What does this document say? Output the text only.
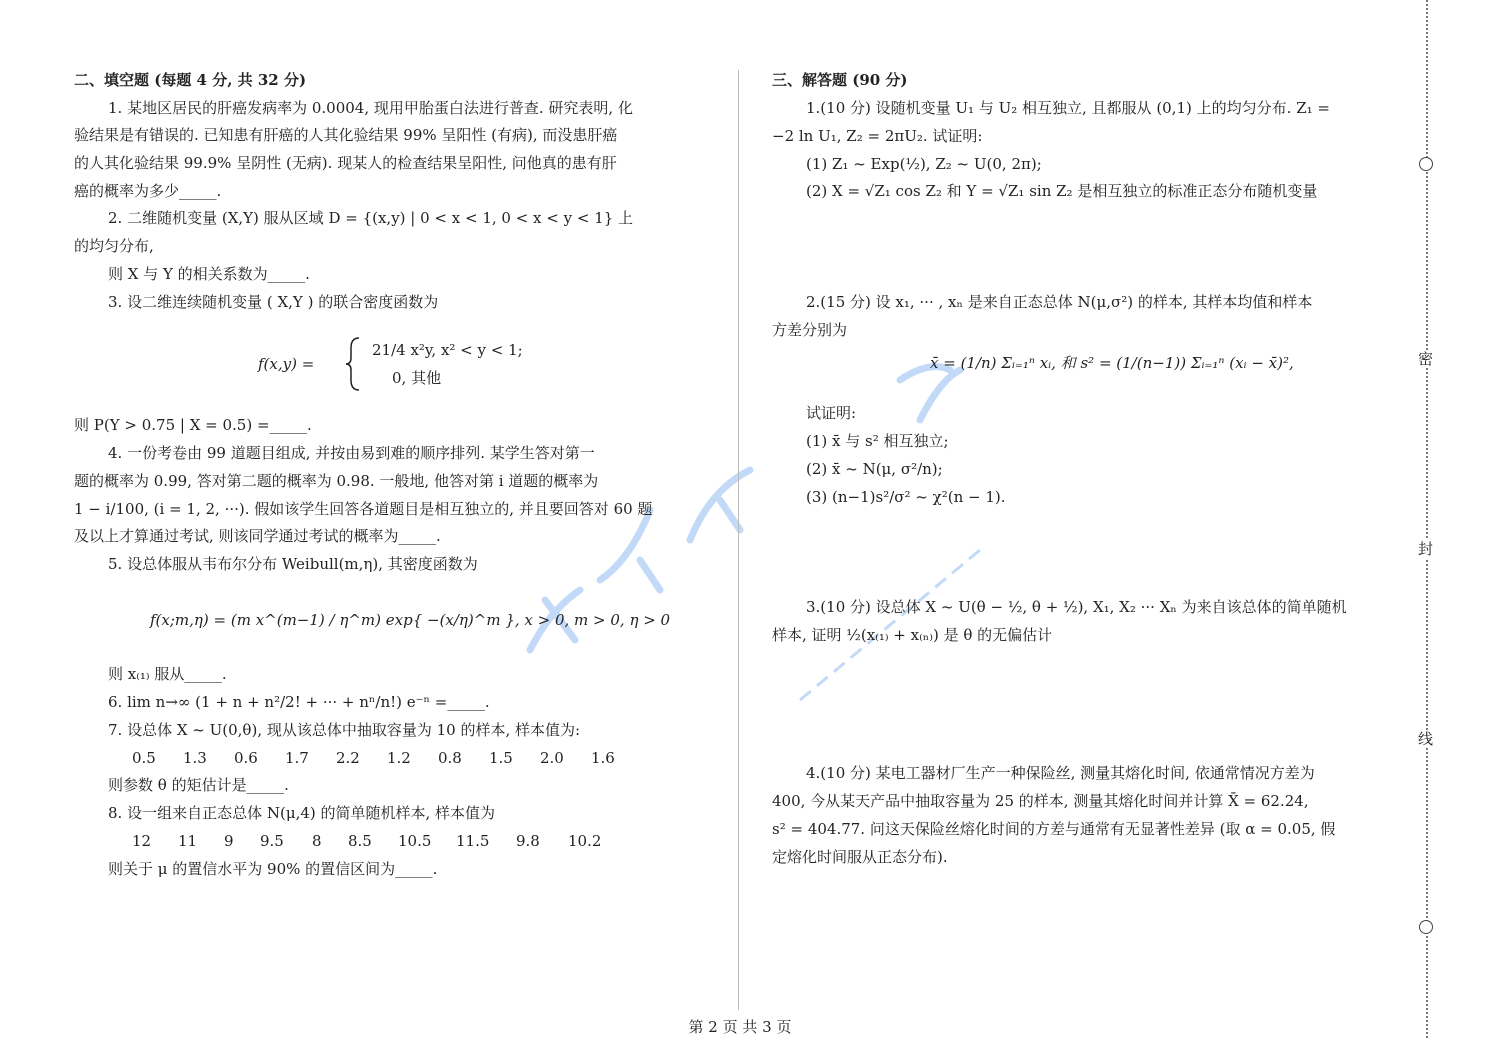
二、填空题 (每题 4 分, 共 32 分)
1. 某地区居民的肝癌发病率为 0.0004, 现用甲胎蛋白法进行普查. 研究表明, 化
验结果是有错误的. 已知患有肝癌的人其化验结果 99% 呈阳性 (有病), 而没患肝癌
的人其化验结果 99.9% 呈阴性 (无病). 现某人的检查结果呈阳性, 问他真的患有肝
癌的概率为多少_____.
2. 二维随机变量 (X,Y) 服从区域 D = {(x,y) | 0 < x < 1, 0 < x < y < 1} 上
的均匀分布,
则 X 与 Y 的相关系数为_____.
3. 设二维连续随机变量 ( X,Y ) 的联合密度函数为
f(x,y) =
21/4 x²y, x² < y < 1;
0, 其他
则 P(Y > 0.75 | X = 0.5) =_____.
4. 一份考卷由 99 道题目组成, 并按由易到难的顺序排列. 某学生答对第一
题的概率为 0.99, 答对第二题的概率为 0.98. 一般地, 他答对第 i 道题的概率为
1 − i/100, (i = 1, 2, ···). 假如该学生回答各道题目是相互独立的, 并且要回答对 60 题
及以上才算通过考试, 则该同学通过考试的概率为_____.
5. 设总体服从韦布尔分布 Weibull(m,η), 其密度函数为
f(x;m,η) = (m x^(m−1) / η^m) exp{ −(x/η)^m }, x > 0, m > 0, η > 0
则 x₍₁₎ 服从_____.
6. lim n→∞ (1 + n + n²/2! + ··· + nⁿ/n!) e⁻ⁿ =_____.
7. 设总体 X ~ U(0,θ), 现从该总体中抽取容量为 10 的样本, 样本值为:
0.5	1.3	0.6	1.7	2.2	1.2	0.8	1.5	2.0	1.6
则参数 θ 的矩估计是_____.
8. 设一组来自正态总体 N(μ,4) 的简单随机样本, 样本值为
12	11	9	9.5	8	8.5	10.5	11.5	9.8	10.2
则关于 μ 的置信水平为 90% 的置信区间为_____.
三、解答题 (90 分)
1.(10 分) 设随机变量 U₁ 与 U₂ 相互独立, 且都服从 (0,1) 上的均匀分布. Z₁ =
−2 ln U₁, Z₂ = 2πU₂. 试证明:
(1) Z₁ ~ Exp(½), Z₂ ~ U(0, 2π);
(2) X = √Z₁ cos Z₂ 和 Y = √Z₁ sin Z₂ 是相互独立的标准正态分布随机变量
2.(15 分) 设 x₁, ··· , xₙ 是来自正态总体 N(μ,σ²) 的样本, 其样本均值和样本
方差分别为
x̄ = (1/n) Σᵢ₌₁ⁿ xᵢ, 和 s² = (1/(n−1)) Σᵢ₌₁ⁿ (xᵢ − x̄)²,
试证明:
(1) x̄ 与 s² 相互独立;
(2) x̄ ~ N(μ, σ²/n);
(3) (n−1)s²/σ² ~ χ²(n − 1).
3.(10 分) 设总体 X ~ U(θ − ½, θ + ½), X₁, X₂ ··· Xₙ 为来自该总体的简单随机
样本, 证明 ½(x₍₁₎ + x₍ₙ₎) 是 θ 的无偏估计
4.(10 分) 某电工器材厂生产一种保险丝, 测量其熔化时间, 依通常情况方差为
400, 今从某天产品中抽取容量为 25 的样本, 测量其熔化时间并计算 X̄ = 62.24,
s² = 404.77. 问这天保险丝熔化时间的方差与通常有无显著性差异 (取 α = 0.05, 假
定熔化时间服从正态分布).
密
封
线
第 2 页 共 3 页
